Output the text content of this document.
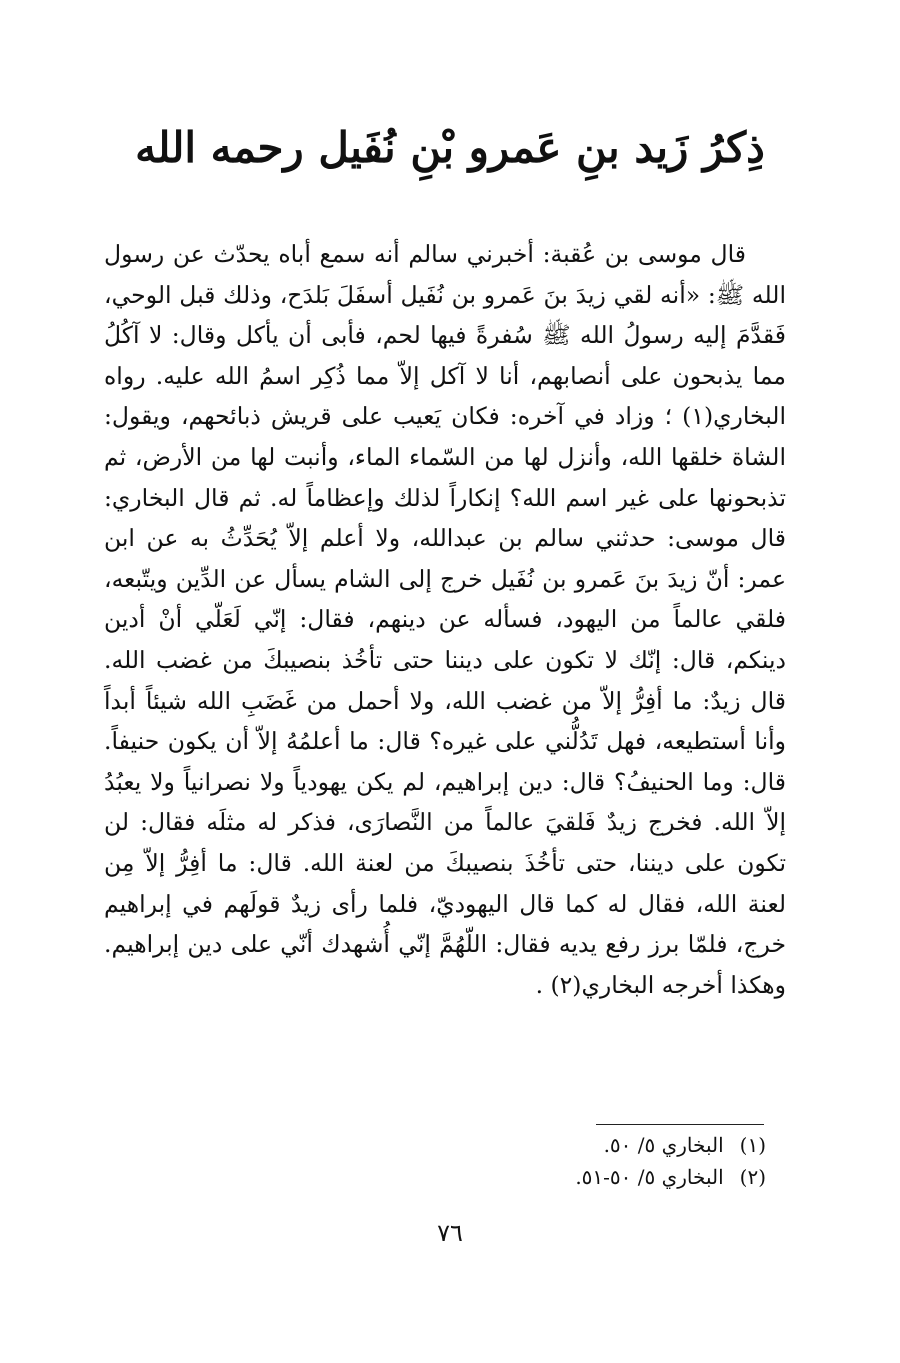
ذِكرُ زَيد بنِ عَمرو بْنِ نُفَيل رحمه الله

قال موسى بن عُقبة: أخبرني سالم أنه سمع أباه يحدّث عن رسول الله ﷺ: «أنه لقي زيدَ بنَ عَمرو بن نُفَيل أسفَلَ بَلدَح، وذلك قبل الوحي، فَقدَّمَ إليه رسولُ الله ﷺ سُفرةً فيها لحم، فأبى أن يأكل وقال: لا آكُلُ مما يذبحون على أنصابهم، أنا لا آكل إلاّ مما ذُكِر اسمُ الله عليه. رواه البخاري(١) ؛ وزاد في آخره: فكان يَعيب على قريش ذبائحهم، ويقول: الشاة خلقها الله، وأنزل لها من السّماء الماء، وأنبت لها من الأرض، ثم تذبحونها على غير اسم الله؟ إنكاراً لذلك وإعظاماً له. ثم قال البخاري: قال موسى: حدثني سالم بن عبدالله، ولا أعلم إلاّ يُحَدِّثُ به عن ابن عمر: أنّ زيدَ بنَ عَمرو بن نُفَيل خرج إلى الشام يسأل عن الدِّين ويتّبعه، فلقي عالماً من اليهود، فسأله عن دينهم، فقال: إنّي لَعَلّي أنْ أدين دينكم، قال: إنّك لا تكون على ديننا حتى تأخُذ بنصيبكَ من غضب الله. قال زيدٌ: ما أفِرُّ إلاّ من غضب الله، ولا أحمل من غَضَبِ الله شيئاً أبداً وأنا أستطيعه، فهل تَدُلُّني على غيره؟ قال: ما أعلمُهُ إلاّ أن يكون حنيفاً. قال: وما الحنيفُ؟ قال: دين إبراهيم، لم يكن يهودياً ولا نصرانياً ولا يعبُدُ إلاّ الله. فخرج زيدٌ فَلقيَ عالماً من النَّصارَى، فذكر له مثلَه فقال: لن تكون على ديننا، حتى تأخُذَ بنصيبكَ من لعنة الله. قال: ما أفِرُّ إلاّ مِن لعنة الله، فقال له كما قال اليهوديّ، فلما رأى زيدٌ قولَهم في إبراهيم خرج، فلمّا برز رفع يديه فقال: اللّهُمَّ إنّي أُشهدك أنّي على دين إبراهيم. وهكذا أخرجه البخاري(٢) .

(١)البخاري ٥/ ٥٠.
(٢)البخاري ٥/ ٥٠-٥١.
٧٦
